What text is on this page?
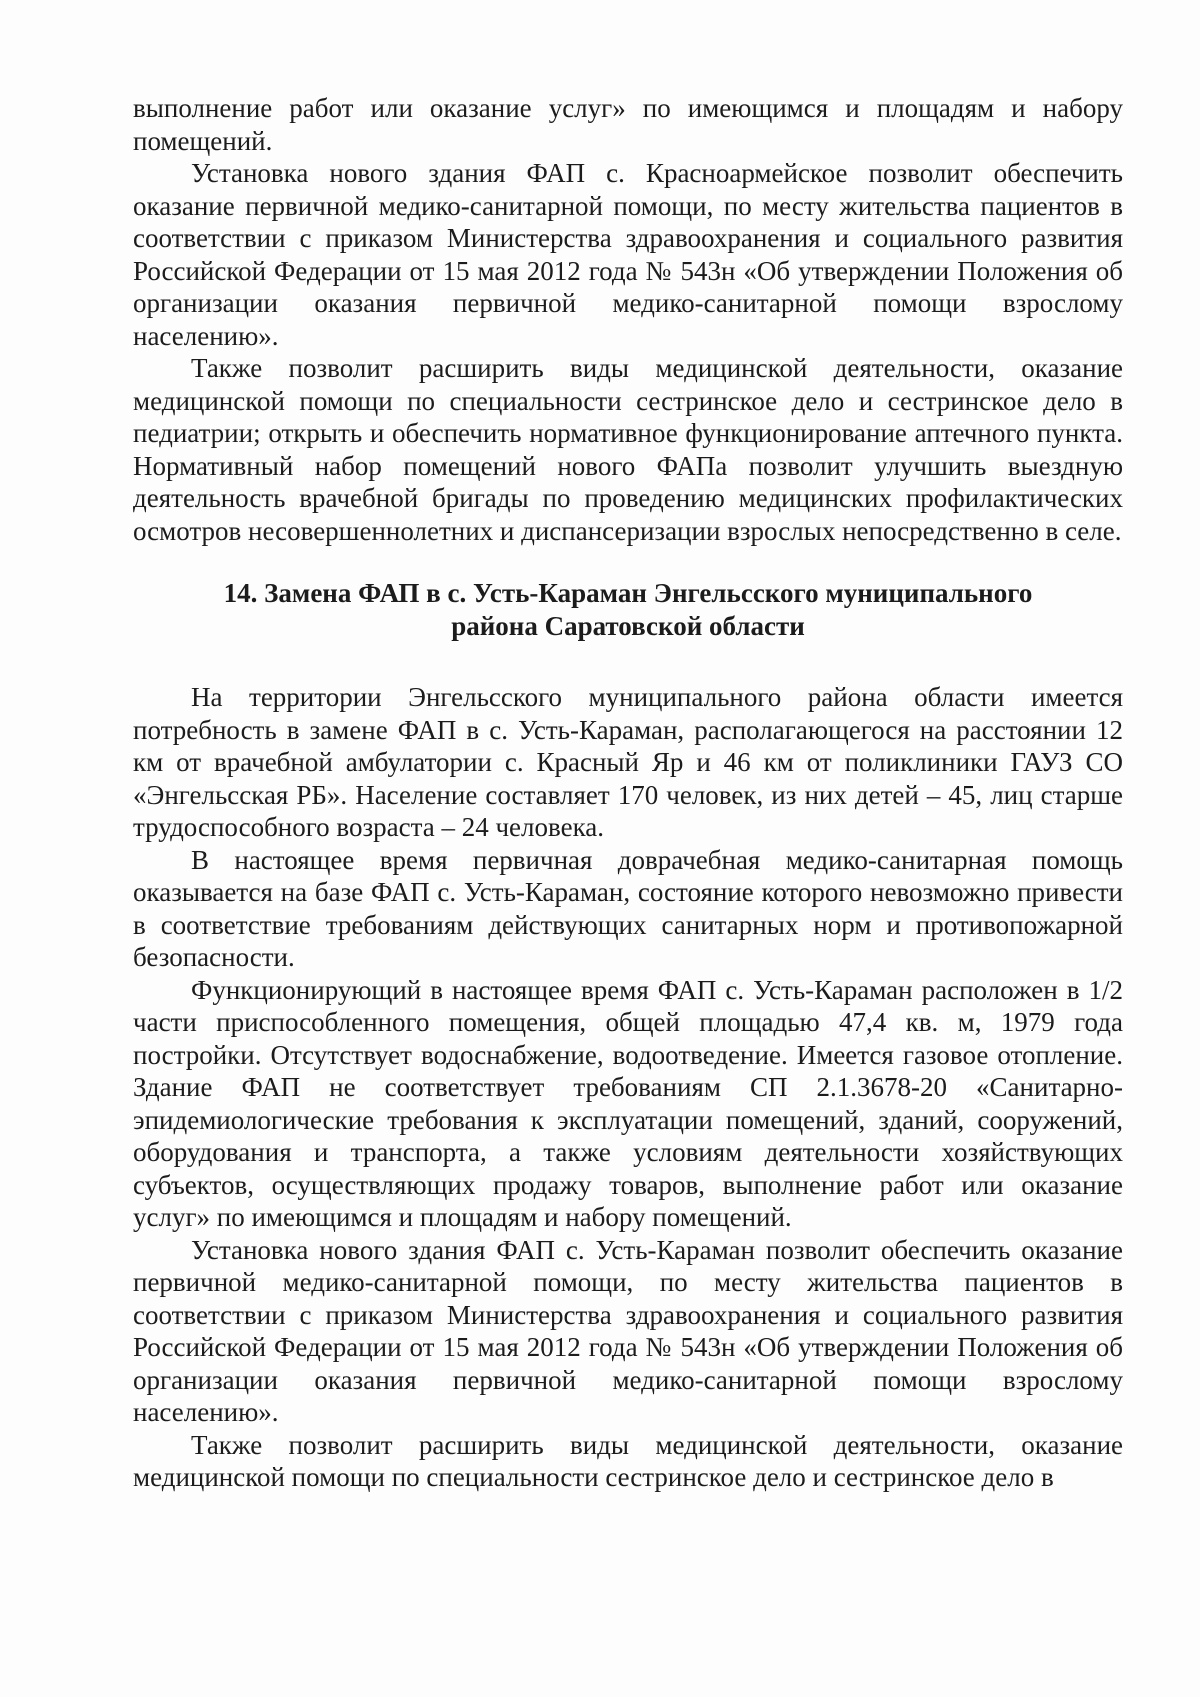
выполнение работ или оказание услуг» по имеющимся и площадям и набору помещений.

Установка нового здания ФАП с. Красноармейское позволит обеспечить оказание первичной медико-санитарной помощи, по месту жительства пациентов в соответствии с приказом Министерства здравоохранения и социального развития Российской Федерации от 15 мая 2012 года № 543н «Об утверждении Положения об организации оказания первичной медико-санитарной помощи взрослому населению».

Также позволит расширить виды медицинской деятельности, оказание медицинской помощи по специальности сестринское дело и сестринское дело в педиатрии; открыть и обеспечить нормативное функционирование аптечного пункта. Нормативный набор помещений нового ФАПа позволит улучшить выездную деятельность врачебной бригады по проведению медицинских профилактических осмотров несовершеннолетних и диспансеризации взрослых непосредственно в селе.

14. Замена ФАП в с. Усть-Караман Энгельсского муниципального района Саратовской области

На территории Энгельсского муниципального района области имеется потребность в замене ФАП в с. Усть-Караман, располагающегося на расстоянии 12 км от врачебной амбулатории с. Красный Яр и 46 км от поликлиники ГАУЗ СО «Энгельсская РБ». Население составляет 170 человек, из них детей – 45, лиц старше трудоспособного возраста – 24 человека.

В настоящее время первичная доврачебная медико-санитарная помощь оказывается на базе ФАП с. Усть-Караман, состояние которого невозможно привести в соответствие требованиям действующих санитарных норм и противопожарной безопасности.

Функционирующий в настоящее время ФАП с. Усть-Караман расположен в 1/2 части приспособленного помещения, общей площадью 47,4 кв. м, 1979 года постройки. Отсутствует водоснабжение, водоотведение. Имеется газовое отопление. Здание ФАП не соответствует требованиям СП 2.1.3678-20 «Санитарно-эпидемиологические требования к эксплуатации помещений, зданий, сооружений, оборудования и транспорта, а также условиям деятельности хозяйствующих субъектов, осуществляющих продажу товаров, выполнение работ или оказание услуг» по имеющимся и площадям и набору помещений.

Установка нового здания ФАП с. Усть-Караман позволит обеспечить оказание первичной медико-санитарной помощи, по месту жительства пациентов в соответствии с приказом Министерства здравоохранения и социального развития Российской Федерации от 15 мая 2012 года № 543н «Об утверждении Положения об организации оказания первичной медико-санитарной помощи взрослому населению».

Также позволит расширить виды медицинской деятельности, оказание медицинской помощи по специальности сестринское дело и сестринское дело в
